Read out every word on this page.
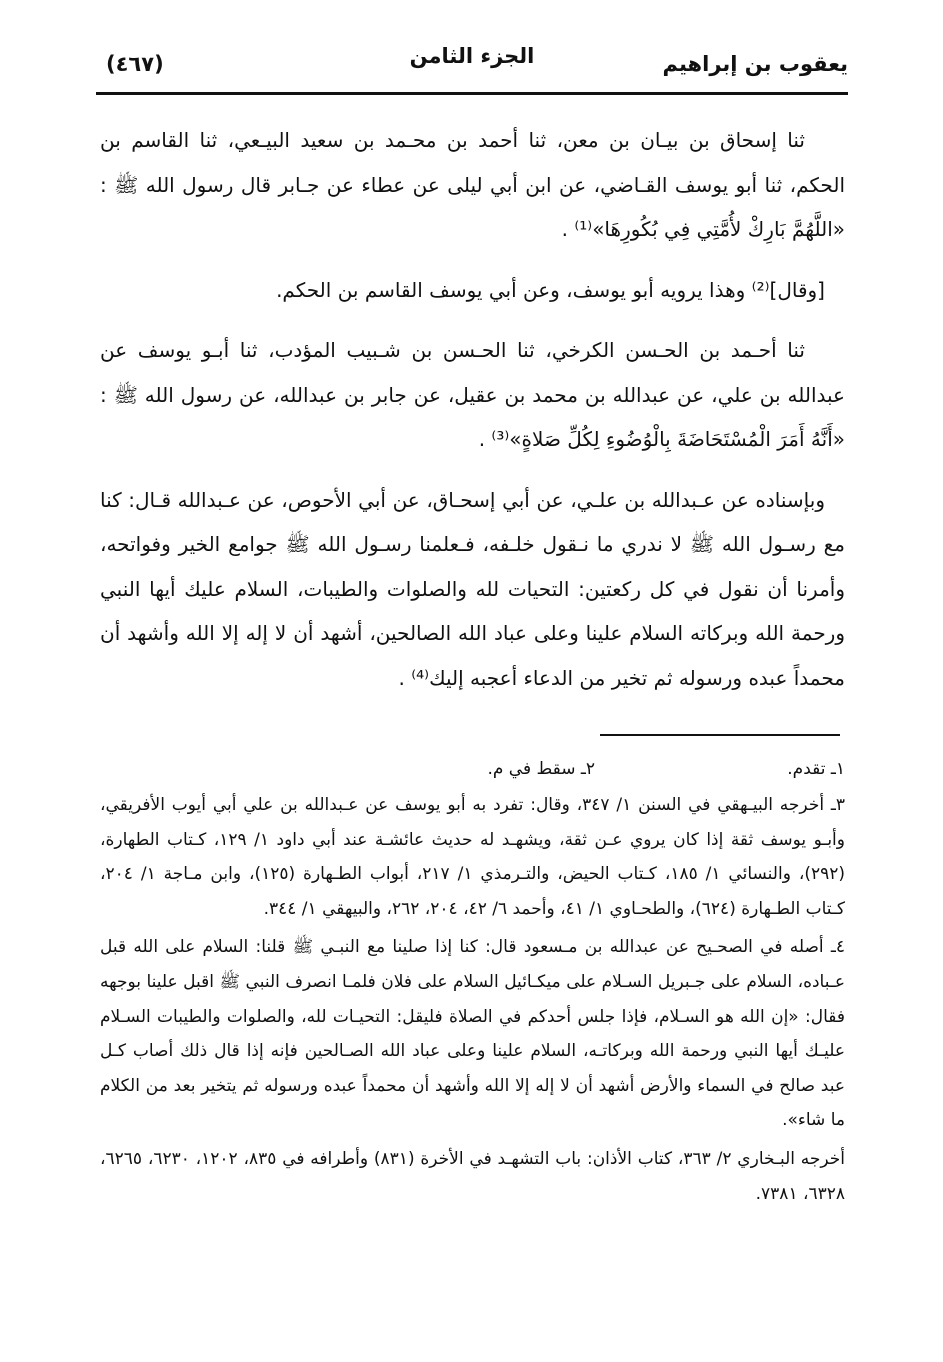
يعقوب بن إبراهيم
الجزء الثامن
(٤٦٧)

ثنا إسحاق بن بيـان بن معن، ثنا أحمد بن محـمد بن سعيد البيـعي، ثنا القاسم بن الحكم، ثنا أبو يوسف القـاضي، عن ابن أبي ليلى عن عطاء عن جـابر قال رسول الله ﷺ : «اللَّهُمَّ بَارِكْ لأُمَّتِي فِي بُكُورِهَا»⁽¹⁾ .

[وقال]⁽²⁾ وهذا يرويه أبو يوسف، وعن أبي يوسف القاسم بن الحكم.

ثنا أحـمد بن الحـسن الكرخي، ثنا الحـسن بن شـبيب المؤدب، ثنا أبـو يوسف عن عبدالله بن علي، عن عبدالله بن محمد بن عقيل، عن جابر بن عبدالله، عن رسول الله ﷺ : «أَنَّهُ أَمَرَ الْمُسْتَحَاضَةَ بِالْوُضُوءِ لِكُلِّ صَلاةٍ»⁽³⁾ .

وبإسناده عن عـبدالله بن علـي، عن أبي إسحـاق، عن أبي الأحوص، عن عـبدالله قـال: كنا مع رسـول الله ﷺ لا ندري ما نـقول خلـفه، فـعلمنا رسـول الله ﷺ جوامع الخير وفواتحه، وأمرنا أن نقول في كل ركعتين: التحيات لله والصلوات والطيبات، السلام عليك أيها النبي ورحمة الله وبركاته السلام علينا وعلى عباد الله الصالحين، أشهد أن لا إله إلا الله وأشهد أن محمداً عبده ورسوله ثم تخير من الدعاء أعجبه إليك⁽⁴⁾ .

١ـ تقدم.
٢ـ سقط في م.

٣ـ أخرجه البيـهقي في السنن ١/ ٣٤٧، وقال: تفرد به أبو يوسف عن عـبدالله بن علي أبي أيوب الأفريقي، وأبـو يوسف ثقة إذا كان يروي عـن ثقة، ويشهـد له حديث عائشـة عند أبي داود ١/ ١٢٩، كـتاب الطهارة، (٢٩٢)، والنسائي ١/ ١٨٥، كـتاب الحيض، والتـرمذي ١/ ٢١٧، أبواب الطـهارة (١٢٥)، وابن مـاجة ١/ ٢٠٤، كـتاب الطـهارة (٦٢٤)، والطحـاوي ١/ ٤١، وأحمد ٦/ ٤٢، ٢٠٤، ٢٦٢، والبيهقي ١/ ٣٤٤.

٤ـ أصله في الصحـيح عن عبدالله بن مـسعود قال: كنا إذا صلينا مع النبـي ﷺ قلنا: السلام على الله قبل عـباده، السلام على جـبريل السـلام على ميكـائيل السلام على فلان فلمـا انصرف النبي ﷺ اقبل علينا بوجهه فقال: «إن الله هو السـلام، فإذا جلس أحدكم في الصلاة فليقل: التحيـات لله، والصلوات والطيبات السـلام عليـك أيها النبي ورحمة الله وبركاتـه، السلام علينا وعلى عباد الله الصـالحين فإنه إذا قال ذلك أصاب كـل عبد صالح في السماء والأرض أشهد أن لا إله إلا الله وأشهد أن محمداً عبده ورسوله ثم يتخير بعد من الكلام ما شاء».

أخرجه البـخاري ٢/ ٣٦٣، كتاب الأذان: باب التشهـد في الأخرة (٨٣١) وأطرافه في ٨٣٥، ١٢٠٢، ٦٢٣٠، ٦٢٦٥، ٦٣٢٨، ٧٣٨١.
